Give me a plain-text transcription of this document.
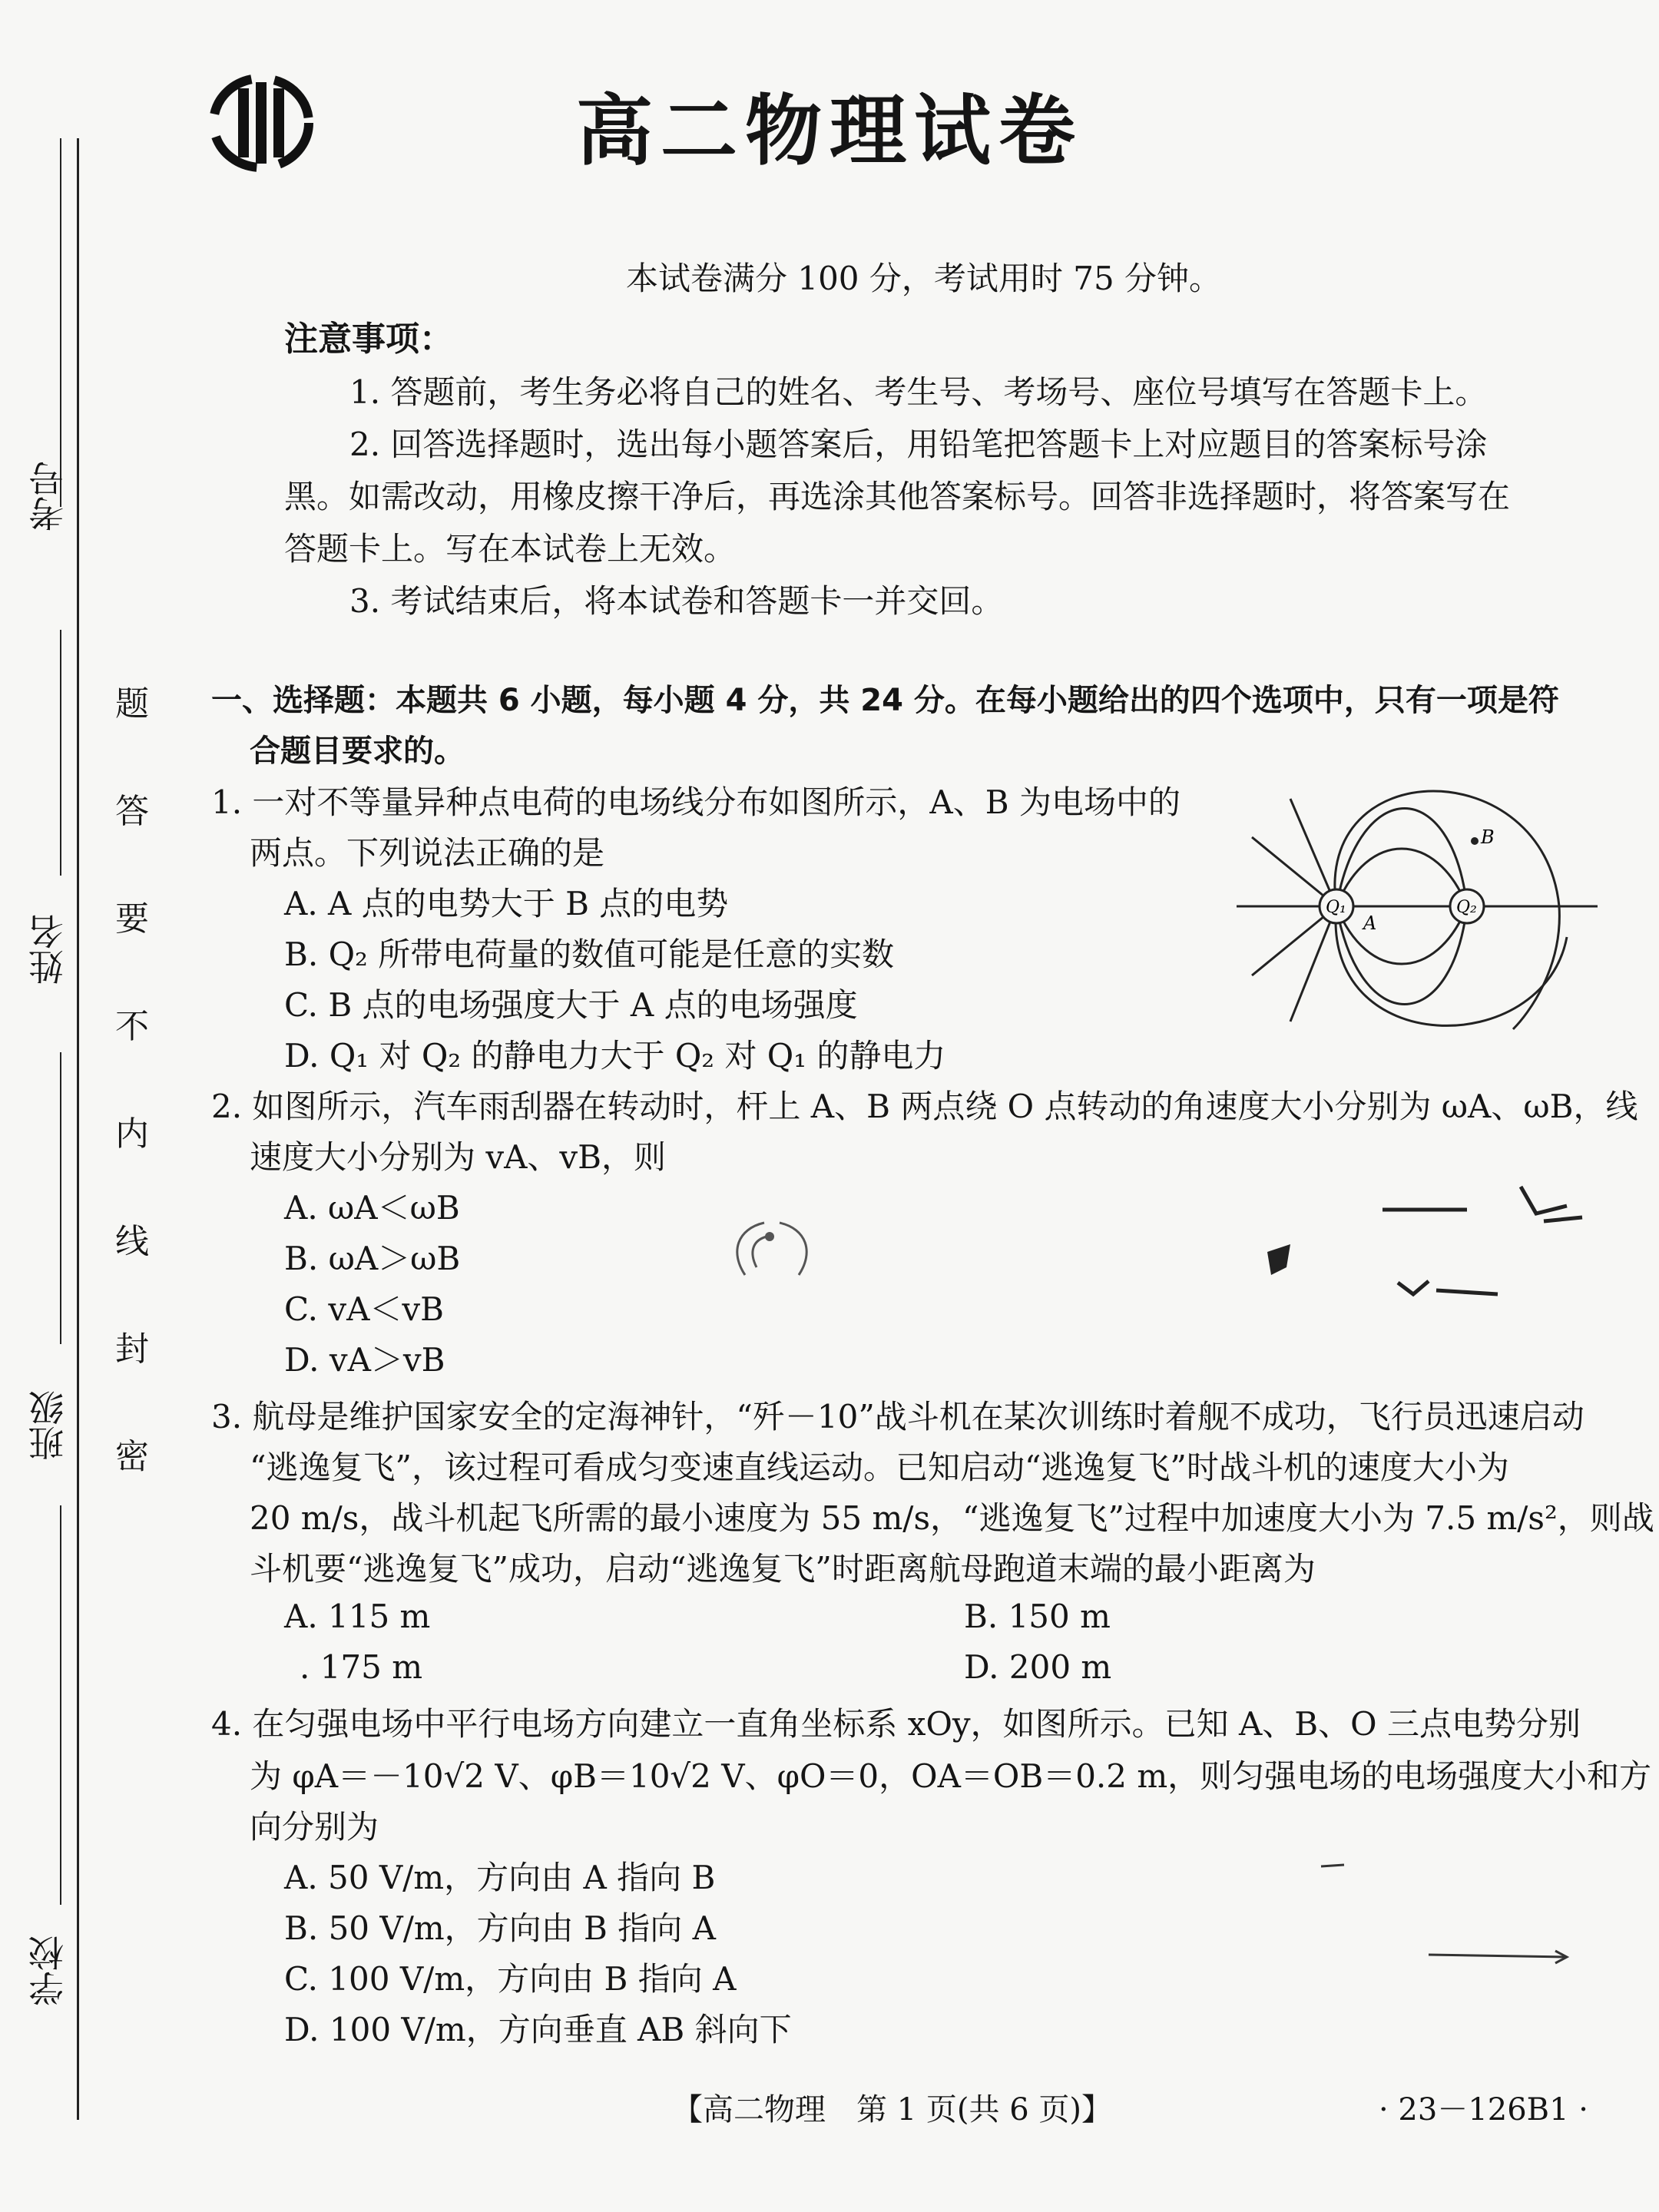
考号
姓名
班级
学校
题
答
要
不
内
线
封
密
高二物理试卷
本试卷满分 100 分，考试用时 75 分钟。
注意事项：
1. 答题前，考生务必将自己的姓名、考生号、考场号、座位号填写在答题卡上。
2. 回答选择题时，选出每小题答案后，用铅笔把答题卡上对应题目的答案标号涂
黑。如需改动，用橡皮擦干净后，再选涂其他答案标号。回答非选择题时，将答案写在
答题卡上。写在本试卷上无效。
3. 考试结束后，将本试卷和答题卡一并交回。
一、选择题：本题共 6 小题，每小题 4 分，共 24 分。在每小题给出的四个选项中，只有一项是符
合题目要求的。
1. 一对不等量异种点电荷的电场线分布如图所示，A、B 为电场中的
两点。下列说法正确的是
A. A 点的电势大于 B 点的电势
B. Q₂ 所带电荷量的数值可能是任意的实数
C. B 点的电场强度大于 A 点的电场强度
D. Q₁ 对 Q₂ 的静电力大于 Q₂ 对 Q₁ 的静电力
Q₁	Q₂
A
B
2. 如图所示，汽车雨刮器在转动时，杆上 A、B 两点绕 O 点转动的角速度大小分别为 ωA、ωB，线
速度大小分别为 vA、vB，则
A. ωA＜ωB
B. ωA＞ωB
C. vA＜vB
D. vA＞vB
3. 航母是维护国家安全的定海神针，“歼－10”战斗机在某次训练时着舰不成功，飞行员迅速启动
“逃逸复飞”，该过程可看成匀变速直线运动。已知启动“逃逸复飞”时战斗机的速度大小为
20 m/s，战斗机起飞所需的最小速度为 55 m/s，“逃逸复飞”过程中加速度大小为 7.5 m/s²，则战
斗机要“逃逸复飞”成功，启动“逃逸复飞”时距离航母跑道末端的最小距离为
A. 115 m	B. 150 m
. 175 m	D. 200 m
4. 在匀强电场中平行电场方向建立一直角坐标系 xOy，如图所示。已知 A、B、O 三点电势分别
为 φA＝－10√2 V、φB＝10√2 V、φO＝0，OA＝OB＝0.2 m，则匀强电场的电场强度大小和方
向分别为
A. 50 V/m，方向由 A 指向 B
B. 50 V/m，方向由 B 指向 A
C. 100 V/m，方向由 B 指向 A
D. 100 V/m，方向垂直 AB 斜向下
【高二物理　第 1 页(共 6 页)】	· 23－126B1 ·
